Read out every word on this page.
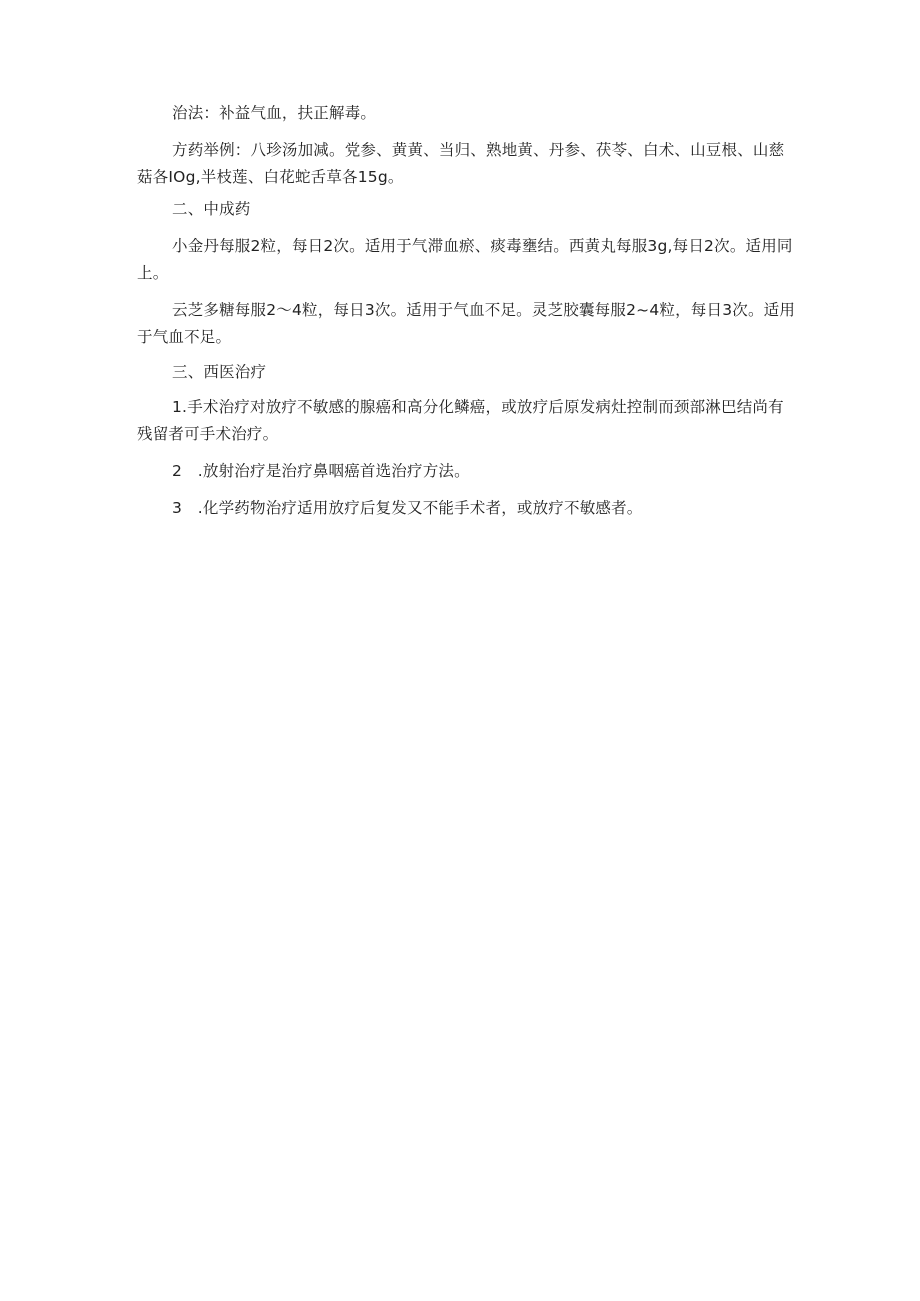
治法：补益气血，扶正解毒。

方药举例：八珍汤加减。党参、黄黄、当归、熟地黄、丹参、茯苓、白术、山豆根、山慈菇各IOg,半枝莲、白花蛇舌草各15g。

二、中成药

小金丹每服2粒，每日2次。适用于气滞血瘀、痰毒壅结。西黄丸每服3g,每日2次。适用同上。

云芝多糖每服2～4粒，每日3次。适用于气血不足。灵芝胶囊每服2~4粒，每日3次。适用于气血不足。

三、西医治疗

1.手术治疗对放疗不敏感的腺癌和高分化鳞癌，或放疗后原发病灶控制而颈部淋巴结尚有残留者可手术治疗。

2　.放射治疗是治疗鼻咽癌首选治疗方法。

3　.化学药物治疗适用放疗后复发又不能手术者，或放疗不敏感者。
